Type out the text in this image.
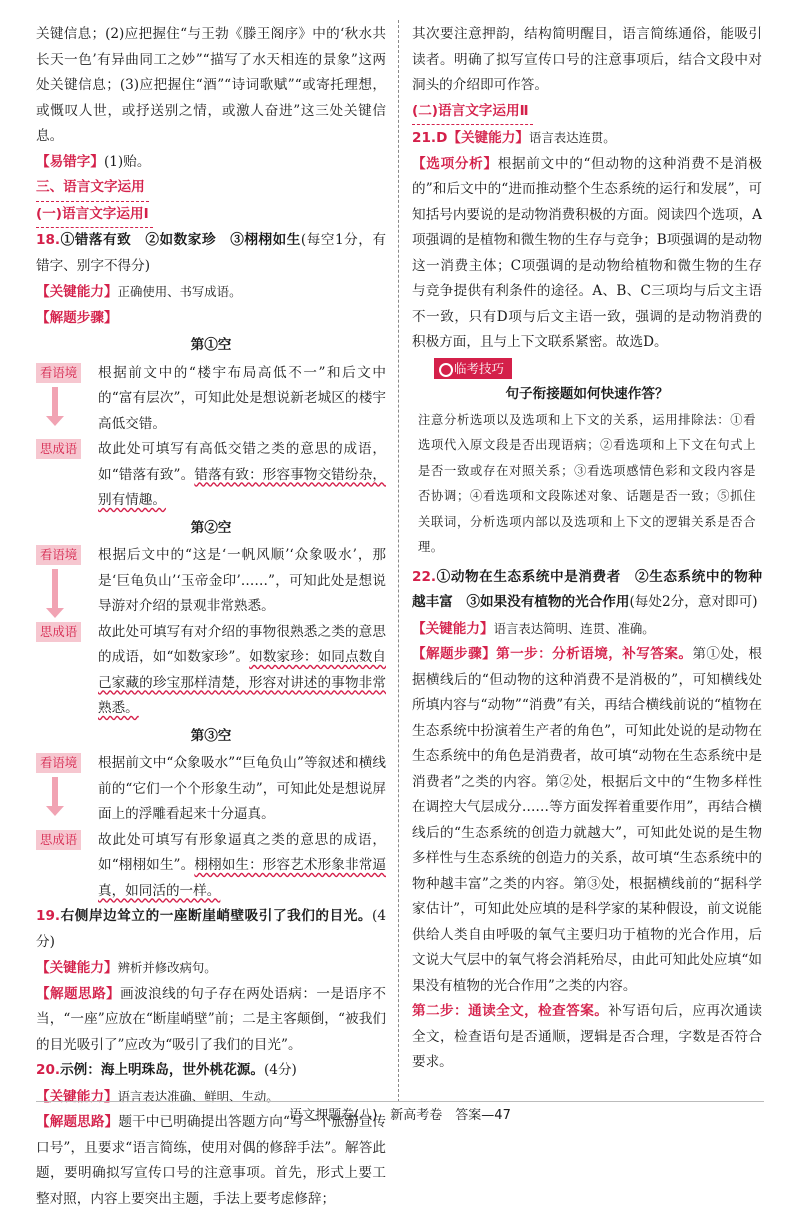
关键信息；(2)应把握住“与王勃《滕王阁序》中的‘秋水共长天一色’有异曲同工之妙”“描写了水天相连的景象”这两处关键信息；(3)应把握住“酒”“诗词歌赋”“或寄托理想，或慨叹人世，或抒送别之情，或激人奋进”这三处关键信息。

【易错字】(1)贻。

三、语言文字运用

(一)语言文字运用Ⅰ

18.①错落有致　②如数家珍　③栩栩如生(每空1分，有错字、别字不得分)

【关键能力】正确使用、书写成语。

【解题步骤】

第①空

看语境	根据前文中的“楼宇布局高低不一”和后文中的“富有层次”，可知此处是想说新老城区的楼宇高低交错。

思成语	故此处可填写有高低交错之类的意思的成语，如“错落有致”。错落有致：形容事物交错纷杂，别有情趣。

第②空

看语境	根据后文中的“这是‘一帆风顺’‘众象吸水’，那是‘巨龟负山’‘玉帝金印’……”，可知此处是想说导游对介绍的景观非常熟悉。

思成语	故此处可填写有对介绍的事物很熟悉之类的意思的成语，如“如数家珍”。如数家珍：如同点数自己家藏的珍宝那样清楚，形容对讲述的事物非常熟悉。

第③空

看语境	根据前文中“众象吸水”“巨龟负山”等叙述和横线前的“它们一个个形象生动”，可知此处是想说屏面上的浮雕看起来十分逼真。

思成语	故此处可填写有形象逼真之类的意思的成语，如“栩栩如生”。栩栩如生：形容艺术形象非常逼真，如同活的一样。

19.右侧岸边耸立的一座断崖峭壁吸引了我们的目光。(4分)

【关键能力】辨析并修改病句。

【解题思路】画波浪线的句子存在两处语病：一是语序不当，“一座”应放在“断崖峭壁”前；二是主客颠倒，“被我们的目光吸引了”应改为“吸引了我们的目光”。

20.示例：海上明珠岛，世外桃花源。(4分)

【关键能力】语言表达准确、鲜明、生动。

【解题思路】题干中已明确提出答题方向“写一个旅游宣传口号”，且要求“语言简练，使用对偶的修辞手法”。解答此题，要明确拟写宣传口号的注意事项。首先，形式上要工整对照，内容上要突出主题，手法上要考虑修辞；

其次要注意押韵，结构简明醒目，语言简练通俗，能吸引读者。明确了拟写宣传口号的注意事项后，结合文段中对洞头的介绍即可作答。

(二)语言文字运用Ⅱ

21.D【关键能力】语言表达连贯。

【选项分析】根据前文中的“但动物的这种消费不是消极的”和后文中的“进而推动整个生态系统的运行和发展”，可知括号内要说的是动物消费积极的方面。阅读四个选项，A项强调的是植物和微生物的生存与竞争；B项强调的是动物这一消费主体；C项强调的是动物给植物和微生物的生存与竞争提供有利条件的途径。A、B、C三项均与后文主语不一致，只有D项与后文主语一致，强调的是动物消费的积极方面，且与上下文联系紧密。故选D。

临考技巧

句子衔接题如何快速作答？

注意分析选项以及选项和上下文的关系，运用排除法：①看选项代入原文段是否出现语病；②看选项和上下文在句式上是否一致或存在对照关系；③看选项感情色彩和文段内容是否协调；④看选项和文段陈述对象、话题是否一致；⑤抓住关联词，分析选项内部以及选项和上下文的逻辑关系是否合理。

22.①动物在生态系统中是消费者　②生态系统中的物种越丰富　③如果没有植物的光合作用(每处2分，意对即可)

【关键能力】语言表达简明、连贯、准确。

【解题步骤】第一步：分析语境，补写答案。第①处，根据横线后的“但动物的这种消费不是消极的”，可知横线处所填内容与“动物”“消费”有关，再结合横线前说的“植物在生态系统中扮演着生产者的角色”，可知此处说的是动物在生态系统中的角色是消费者，故可填“动物在生态系统中是消费者”之类的内容。第②处，根据后文中的“生物多样性在调控大气层成分……等方面发挥着重要作用”，再结合横线后的“生态系统的创造力就越大”，可知此处说的是生物多样性与生态系统的创造力的关系，故可填“生态系统中的物种越丰富”之类的内容。第③处，根据横线前的“据科学家估计”，可知此处应填的是科学家的某种假设，前文说能供给人类自由呼吸的氧气主要归功于植物的光合作用，后文说大气层中的氧气将会消耗殆尽，由此可知此处应填“如果没有植物的光合作用”之类的内容。

第二步：通读全文，检查答案。补写语句后，应再次通读全文，检查语句是否通顺，逻辑是否合理，字数是否符合要求。

语文押题卷(八)　新高考卷　答案—47
